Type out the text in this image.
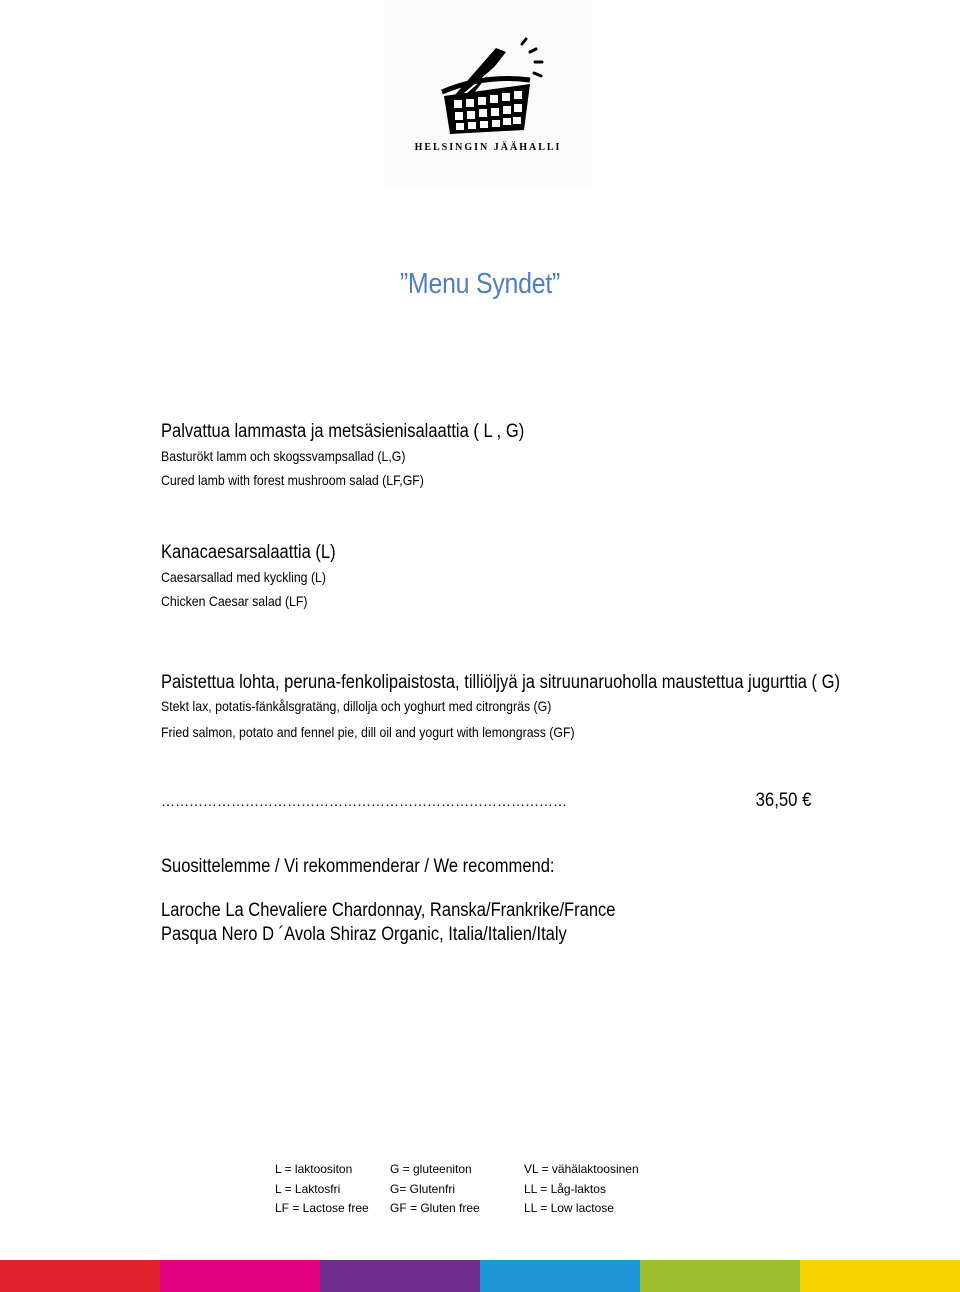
HELSINGIN JÄÄHALLI
”Menu Syndet”
Palvattua lammasta ja metsäsienisalaattia ( L , G)
Basturökt lamm och skogssvampsallad (L,G)
Cured lamb with forest mushroom salad (LF,GF)
Kanacaesarsalaattia (L)
Caesarsallad med kyckling (L)
Chicken Caesar salad (LF)
Paistettua lohta, peruna-fenkolipaistosta, tilliöljyä ja sitruunaruoholla maustettua jugurttia ( G)
Stekt lax, potatis-fänkålsgratäng, dillolja och yoghurt med citrongräs (G)
Fried salmon, potato and fennel pie, dill oil and yogurt with lemongrass (GF)
……………………………………………………………………………	36,50 €
Suosittelemme / Vi rekommenderar / We recommend:
Laroche La Chevaliere Chardonnay, Ranska/Frankrike/France
Pasqua Nero D ´Avola Shiraz Organic, Italia/Italien/Italy
L = laktoositon	G = gluteeniton	VL = vähälaktoosinen
L = Laktosfri	G= Glutenfri	LL = Låg-laktos
LF = Lactose free	GF = Gluten free	LL = Low lactose
